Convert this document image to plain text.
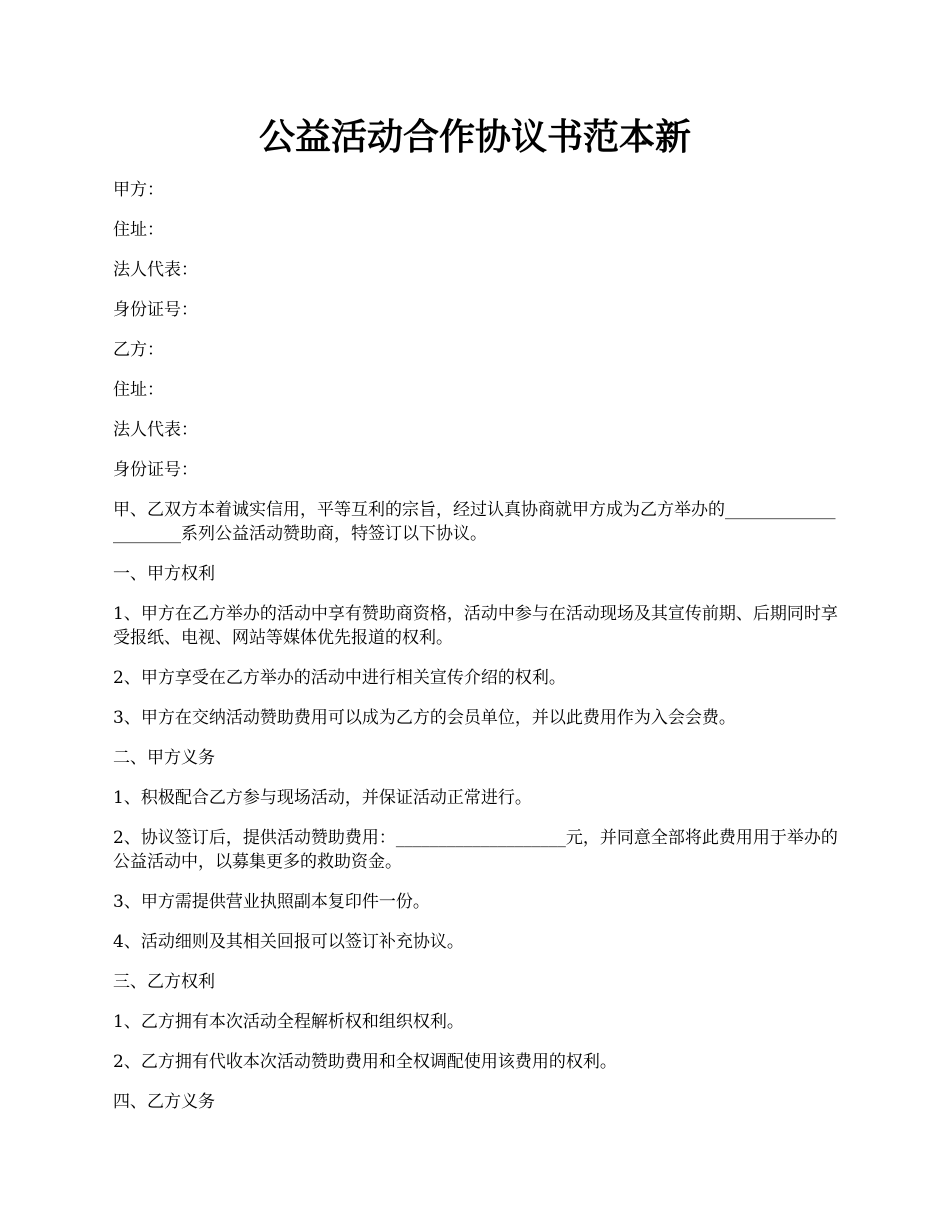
公益活动合作协议书范本新

甲方：

住址：

法人代表：

身份证号：

乙方：

住址：

法人代表：

身份证号：

甲、乙双方本着诚实信用，平等互利的宗旨，经过认真协商就甲方成为乙方举办的_____________________系列公益活动赞助商，特签订以下协议。

一、甲方权利

1、甲方在乙方举办的活动中享有赞助商资格，活动中参与在活动现场及其宣传前期、后期同时享受报纸、电视、网站等媒体优先报道的权利。

2、甲方享受在乙方举办的活动中进行相关宣传介绍的权利。

3、甲方在交纳活动赞助费用可以成为乙方的会员单位，并以此费用作为入会会费。

二、甲方义务

1、积极配合乙方参与现场活动，并保证活动正常进行。

2、协议签订后，提供活动赞助费用：____________________元，并同意全部将此费用用于举办的公益活动中，以募集更多的救助资金。

3、甲方需提供营业执照副本复印件一份。

4、活动细则及其相关回报可以签订补充协议。

三、乙方权利

1、乙方拥有本次活动全程解析权和组织权利。

2、乙方拥有代收本次活动赞助费用和全权调配使用该费用的权利。

四、乙方义务
